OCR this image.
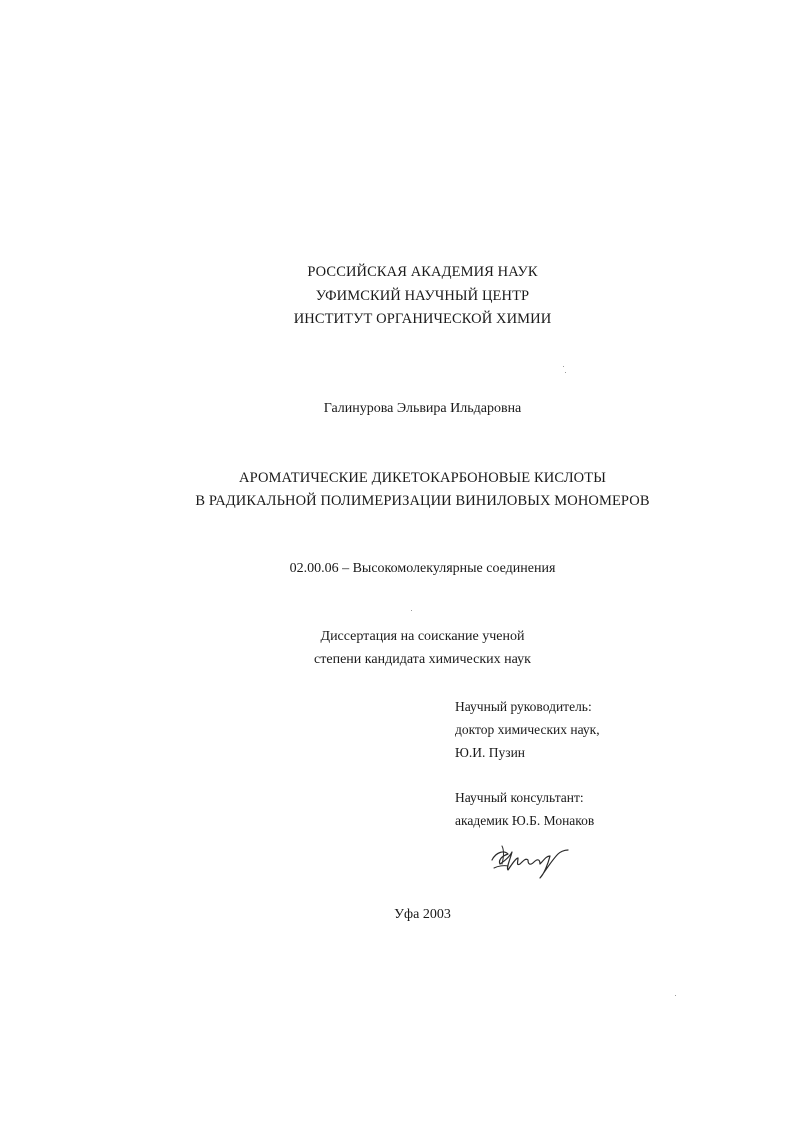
РОССИЙСКАЯ АКАДЕМИЯ НАУК
УФИМСКИЙ НАУЧНЫЙ ЦЕНТР
ИНСТИТУТ ОРГАНИЧЕСКОЙ ХИМИИ
Галинурова Эльвира Ильдаровна
АРОМАТИЧЕСКИЕ ДИКЕТОКАРБОНОВЫЕ КИСЛОТЫ
В РАДИКАЛЬНОЙ ПОЛИМЕРИЗАЦИИ ВИНИЛОВЫХ МОНОМЕРОВ
02.00.06 – Высокомолекулярные соединения
Диссертация на соискание ученой
степени кандидата химических наук
Научный руководитель:
доктор химических наук,
Ю.И. Пузин
Научный консультант:
академик Ю.Б. Монаков
Уфа 2003
